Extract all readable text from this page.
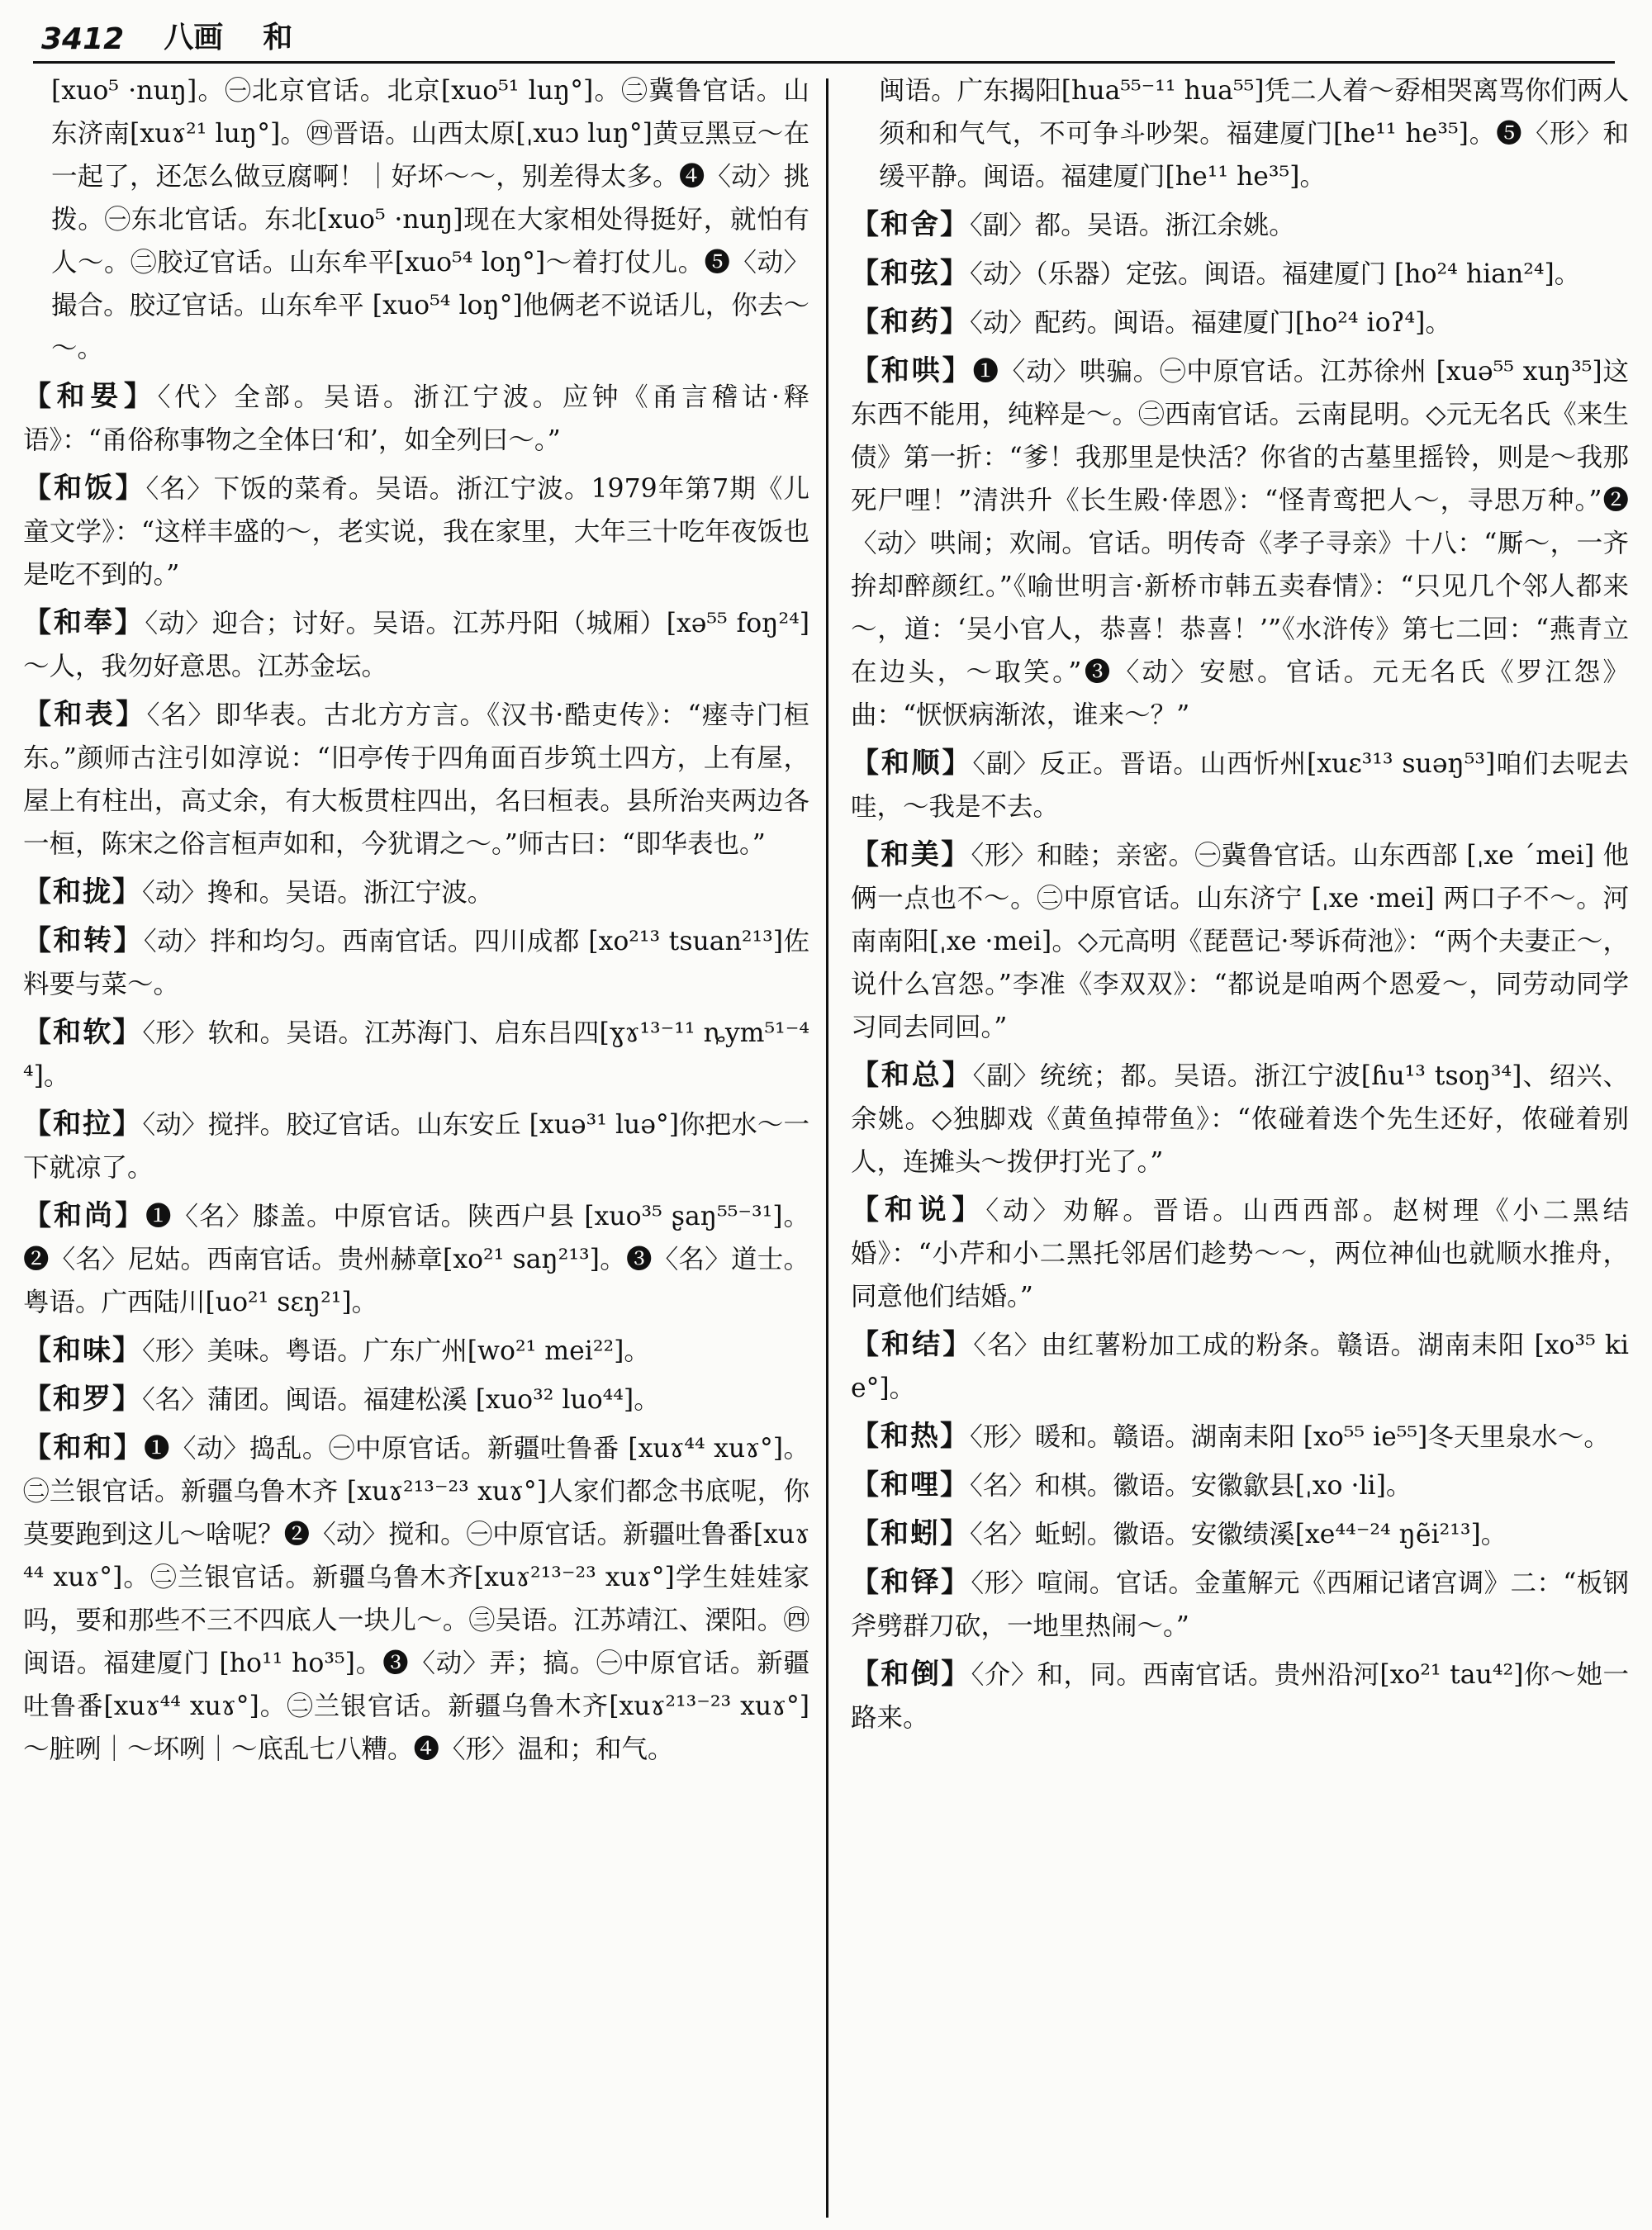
3412 八画 和
[xuo⁵ ·nuŋ]。㊀北京官话。北京[xuo⁵¹ luŋ°]。㊁冀鲁官话。山东济南[xuɤ²¹ luŋ°]。㊃晋语。山西太原[ˌxuɔ luŋ°]黄豆黑豆～在一起了，还怎么做豆腐啊！｜好坏～～，别差得太多。❹〈动〉挑拨。㊀东北官话。东北[xuo⁵ ·nuŋ]现在大家相处得挺好，就怕有人～。㊁胶辽官话。山东牟平[xuo⁵⁴ loŋ°]～着打仗儿。❺〈动〉撮合。胶辽官话。山东牟平 [xuo⁵⁴ loŋ°]他俩老不说话儿，你去～～。
【和㚻】〈代〉全部。吴语。浙江宁波。应钟《甬言稽诂·释语》：“甬俗称事物之全体曰‘和’，如全列曰～。”
【和饭】〈名〉下饭的菜肴。吴语。浙江宁波。1979年第7期《儿童文学》：“这样丰盛的～，老实说，我在家里，大年三十吃年夜饭也是吃不到的。”
【和奉】〈动〉迎合；讨好。吴语。江苏丹阳（城厢）[xə⁵⁵ foŋ²⁴]～人，我勿好意思。江苏金坛。
【和表】〈名〉即华表。古北方方言。《汉书·酷吏传》：“瘗寺门桓东。”颜师古注引如淳说：“旧亭传于四角面百步筑土四方，上有屋，屋上有柱出，高丈余，有大板贯柱四出，名曰桓表。县所治夹两边各一桓，陈宋之俗言桓声如和，今犹谓之～。”师古曰：“即华表也。”
【和拢】〈动〉搀和。吴语。浙江宁波。
【和转】〈动〉拌和均匀。西南官话。四川成都 [xo²¹³ tsuan²¹³]佐料要与菜～。
【和软】〈形〉软和。吴语。江苏海门、启东吕四[ɣɤ¹³⁻¹¹ ȵym⁵¹⁻⁴⁴]。
【和拉】〈动〉搅拌。胶辽官话。山东安丘 [xuə³¹ luə°]你把水～一下就凉了。
【和尚】❶〈名〉膝盖。中原官话。陕西户县 [xuo³⁵ ʂaŋ⁵⁵⁻³¹]。❷〈名〉尼姑。西南官话。贵州赫章[xo²¹ saŋ²¹³]。❸〈名〉道士。粤语。广西陆川[uo²¹ sɛŋ²¹]。
【和味】〈形〉美味。粤语。广东广州[wo²¹ mei²²]。
【和罗】〈名〉蒲团。闽语。福建松溪 [xuo³² luo⁴⁴]。
【和和】❶〈动〉捣乱。㊀中原官话。新疆吐鲁番 [xuɤ⁴⁴ xuɤ°]。㊁兰银官话。新疆乌鲁木齐 [xuɤ²¹³⁻²³ xuɤ°]人家们都念书底呢，你莫要跑到这儿～啥呢？❷〈动〉搅和。㊀中原官话。新疆吐鲁番[xuɤ⁴⁴ xuɤ°]。㊁兰银官话。新疆乌鲁木齐[xuɤ²¹³⁻²³ xuɤ°]学生娃娃家吗，要和那些不三不四底人一块儿～。㊂吴语。江苏靖江、溧阳。㊃闽语。福建厦门 [ho¹¹ ho³⁵]。❸〈动〉弄；搞。㊀中原官话。新疆吐鲁番[xuɤ⁴⁴ xuɤ°]。㊁兰银官话。新疆乌鲁木齐[xuɤ²¹³⁻²³ xuɤ°]～脏咧｜～坏咧｜～底乱七八糟。❹〈形〉温和；和气。
闽语。广东揭阳[hua⁵⁵⁻¹¹ hua⁵⁵]凭二人着～孬相哭离骂你们两人须和和气气，不可争斗吵架。福建厦门[he¹¹ he³⁵]。❺〈形〉和缓平静。闽语。福建厦门[he¹¹ he³⁵]。
【和舍】〈副〉都。吴语。浙江余姚。
【和弦】〈动〉（乐器）定弦。闽语。福建厦门 [ho²⁴ hian²⁴]。
【和药】〈动〉配药。闽语。福建厦门[ho²⁴ ioʔ⁴]。
【和哄】❶〈动〉哄骗。㊀中原官话。江苏徐州 [xuə⁵⁵ xuŋ³⁵]这东西不能用，纯粹是～。㊁西南官话。云南昆明。◇元无名氏《来生债》第一折：“爹！我那里是快活？你省的古墓里摇铃，则是～我那死尸哩！”清洪升《长生殿·倖恩》：“怪青鸾把人～，寻思万种。”❷〈动〉哄闹；欢闹。官话。明传奇《孝子寻亲》十八：“厮～，一齐拚却醉颜红。”《喻世明言·新桥市韩五卖春情》：“只见几个邻人都来～，道：‘吴小官人，恭喜！恭喜！’”《水浒传》第七二回：“燕青立在边头，～取笑。”❸〈动〉安慰。官话。元无名氏《罗江怨》曲：“恹恹病渐浓，谁来～？”
【和顺】〈副〉反正。晋语。山西忻州[xuɛ³¹³ suəŋ⁵³]咱们去呢去哇，～我是不去。
【和美】〈形〉和睦；亲密。㊀冀鲁官话。山东西部 [ˌxe ˊmei] 他俩一点也不～。㊁中原官话。山东济宁 [ˌxe ·mei] 两口子不～。河南南阳[ˌxe ·mei]。◇元高明《琵琶记·琴诉荷池》：“两个夫妻正～，说什么宫怨。”李准《李双双》：“都说是咱两个恩爱～，同劳动同学习同去同回。”
【和总】〈副〉统统；都。吴语。浙江宁波[ɦu¹³ tsoŋ³⁴]、绍兴、余姚。◇独脚戏《黄鱼掉带鱼》：“侬碰着迭个先生还好，侬碰着别人，连摊头～拨伊打光了。”
【和说】〈动〉劝解。晋语。山西西部。赵树理《小二黑结婚》：“小芹和小二黑托邻居们趁势～～，两位神仙也就顺水推舟，同意他们结婚。”
【和结】〈名〉由红薯粉加工成的粉条。赣语。湖南耒阳 [xo³⁵ kie°]。
【和热】〈形〉暖和。赣语。湖南耒阳 [xo⁵⁵ ie⁵⁵]冬天里泉水～。
【和哩】〈名〉和棋。徽语。安徽歙县[ˌxo ·li]。
【和蚓】〈名〉蚯蚓。徽语。安徽绩溪[xe⁴⁴⁻²⁴ ŋẽi²¹³]。
【和铎】〈形〉喧闹。官话。金董解元《西厢记诸宫调》二：“板钢斧劈群刀砍，一地里热闹～。”
【和倒】〈介〉和，同。西南官话。贵州沿河[xo²¹ tau⁴²]你～她一路来。
